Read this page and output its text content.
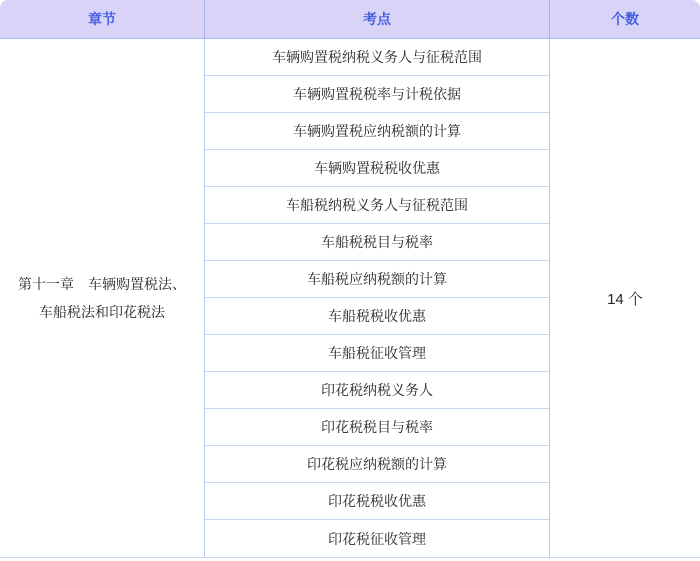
章节	考点	个数
第十一章　车辆购置税法、
车船税法和印花税法
车辆购置税纳税义务人与征税范围
车辆购置税税率与计税依据
车辆购置税应纳税额的计算
车辆购置税税收优惠
车船税纳税义务人与征税范围
车船税税目与税率
车船税应纳税额的计算
车船税税收优惠
车船税征收管理
印花税纳税义务人
印花税税目与税率
印花税应纳税额的计算
印花税税收优惠
印花税征收管理
14 个
